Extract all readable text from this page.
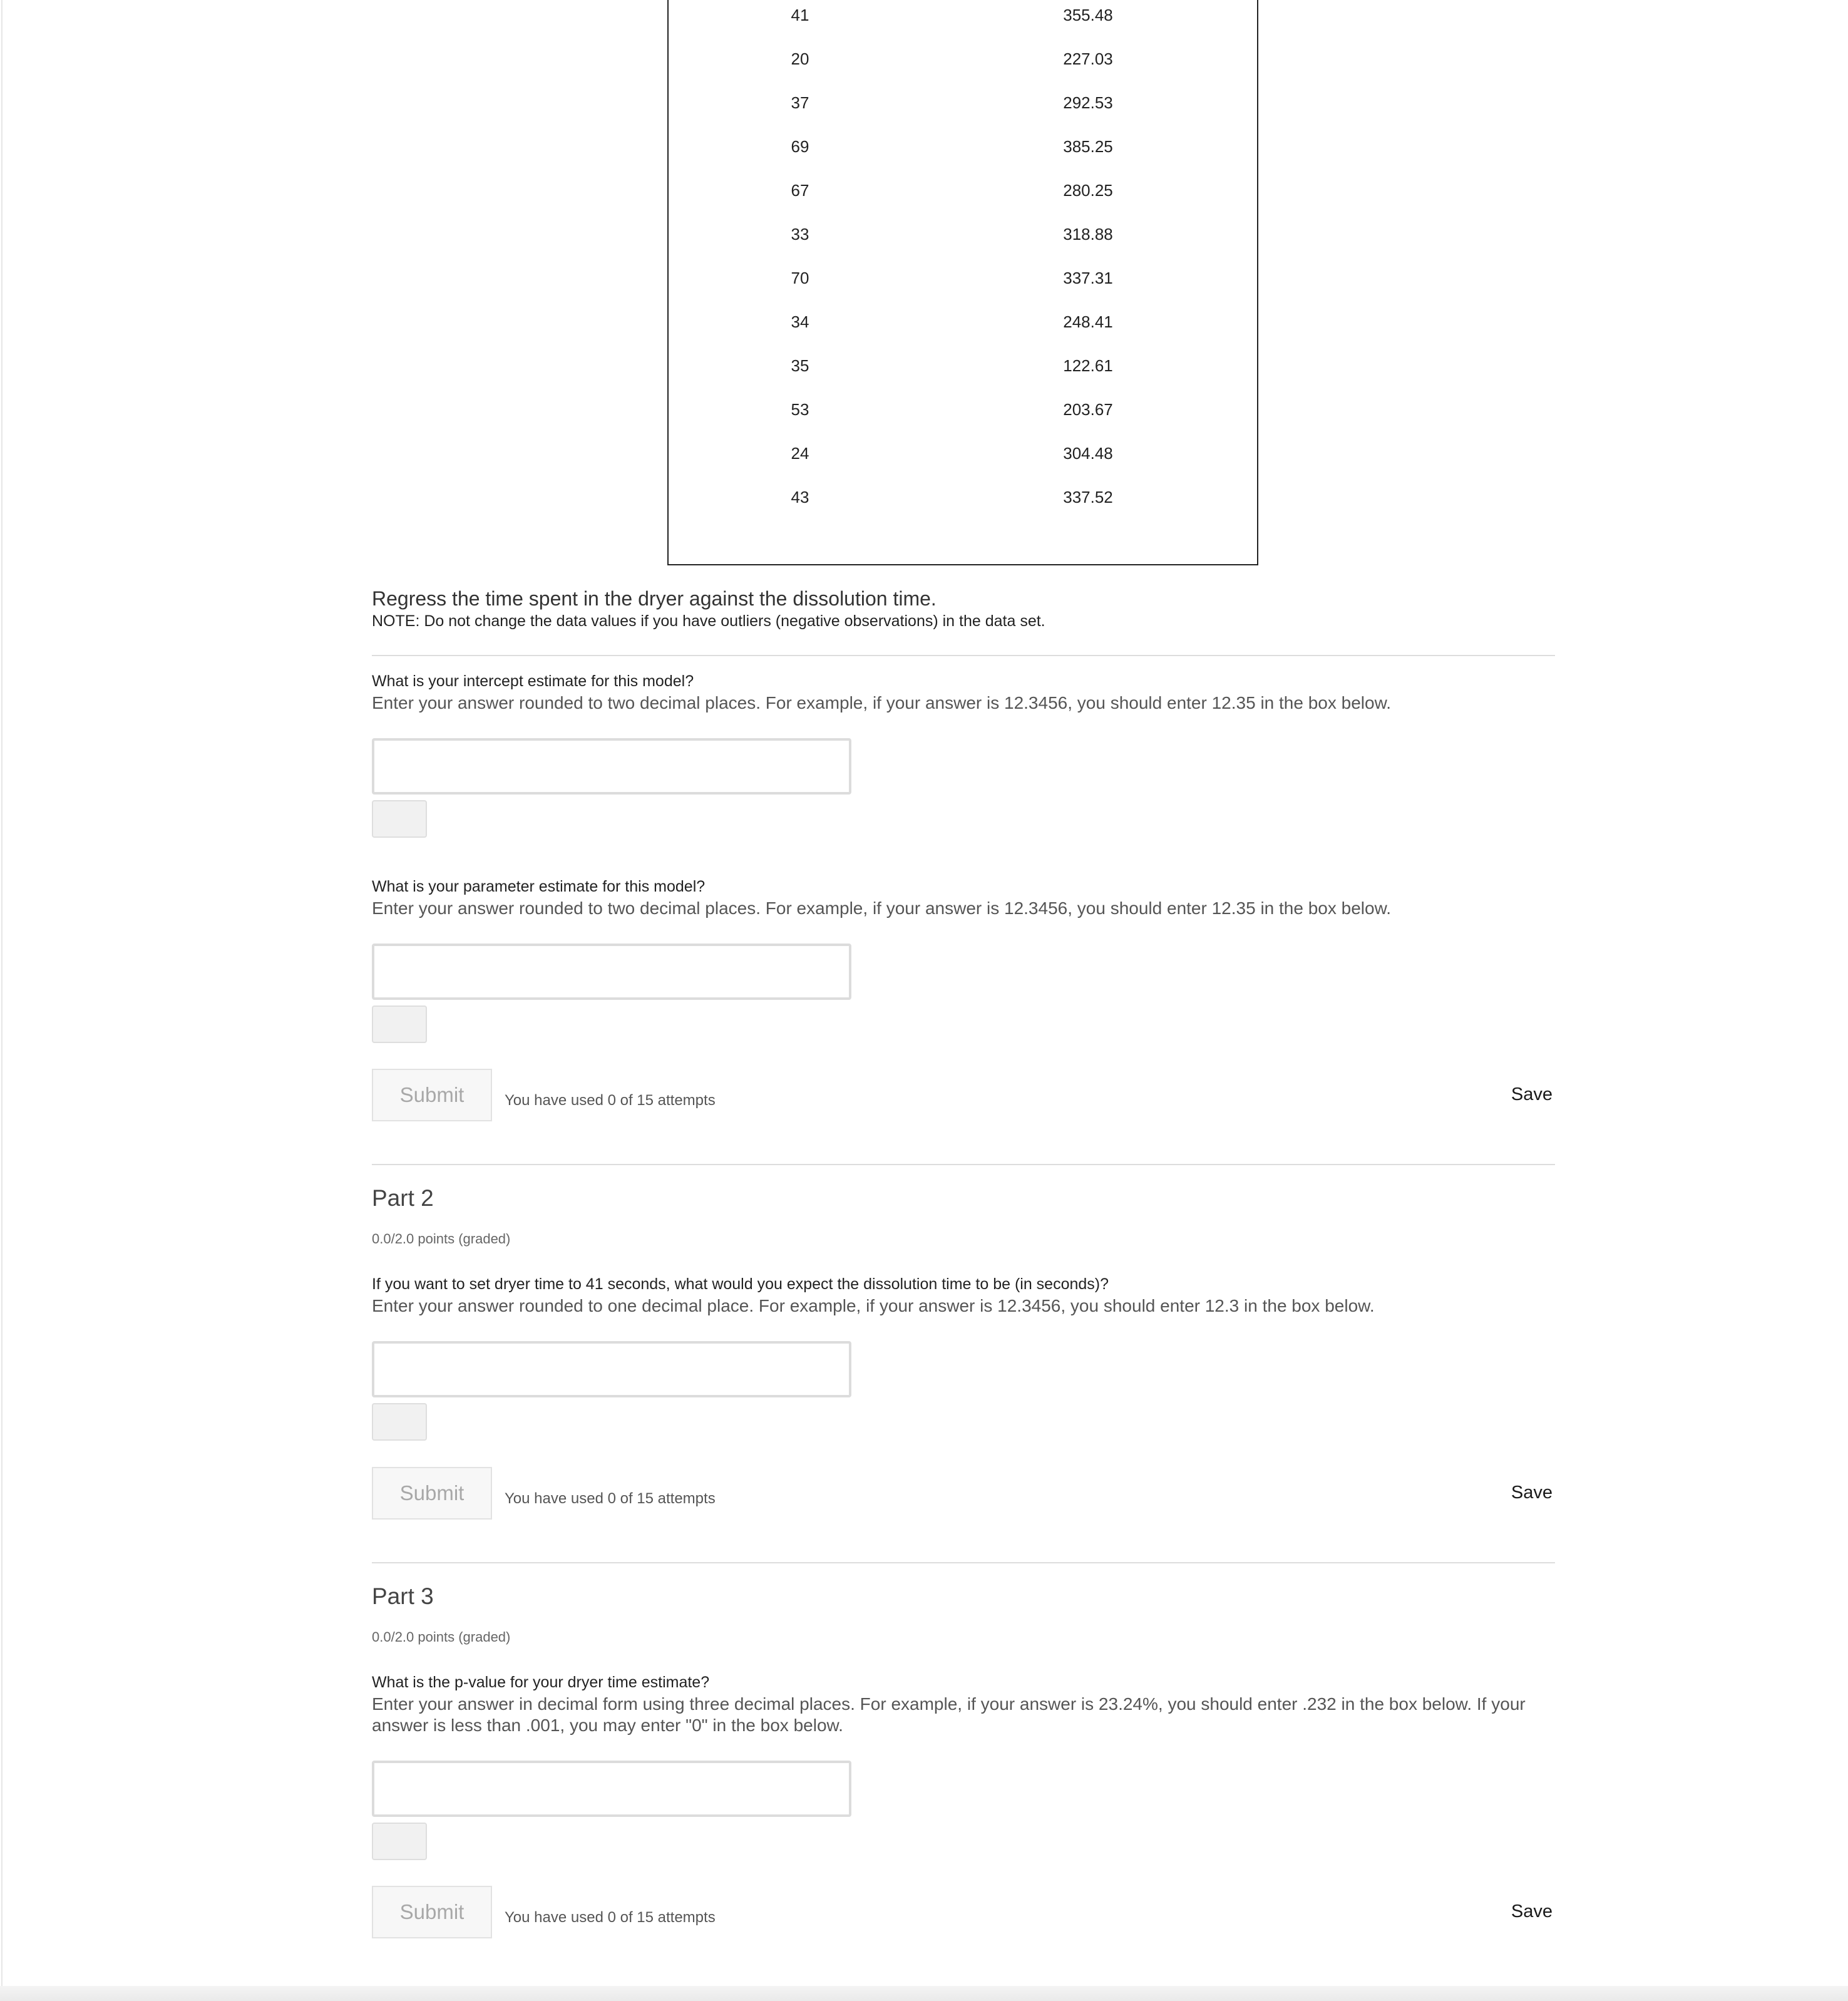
41	355.48
20	227.03
37	292.53
69	385.25
67	280.25
33	318.88
70	337.31
34	248.41
35	122.61
53	203.67
24	304.48
43	337.52
Regress the time spent in the dryer against the dissolution time.
NOTE: Do not change the data values if you have outliers (negative observations) in the data set.
What is your intercept estimate for this model?
Enter your answer rounded to two decimal places. For example, if your answer is 12.3456, you should enter 12.35 in the box below.
What is your parameter estimate for this model?
Enter your answer rounded to two decimal places. For example, if your answer is 12.3456, you should enter 12.35 in the box below.
Submit	You have used 0 of 15 attempts	Save
Part 2
0.0/2.0 points (graded)
If you want to set dryer time to 41 seconds, what would you expect the dissolution time to be (in seconds)?
Enter your answer rounded to one decimal place. For example, if your answer is 12.3456, you should enter 12.3 in the box below.
Submit	You have used 0 of 15 attempts	Save
Part 3
0.0/2.0 points (graded)
What is the p-value for your dryer time estimate?
Enter your answer in decimal form using three decimal places. For example, if your answer is 23.24%, you should enter .232 in the box below. If your answer is less than .001, you may enter "0" in the box below.
Submit	You have used 0 of 15 attempts	Save
